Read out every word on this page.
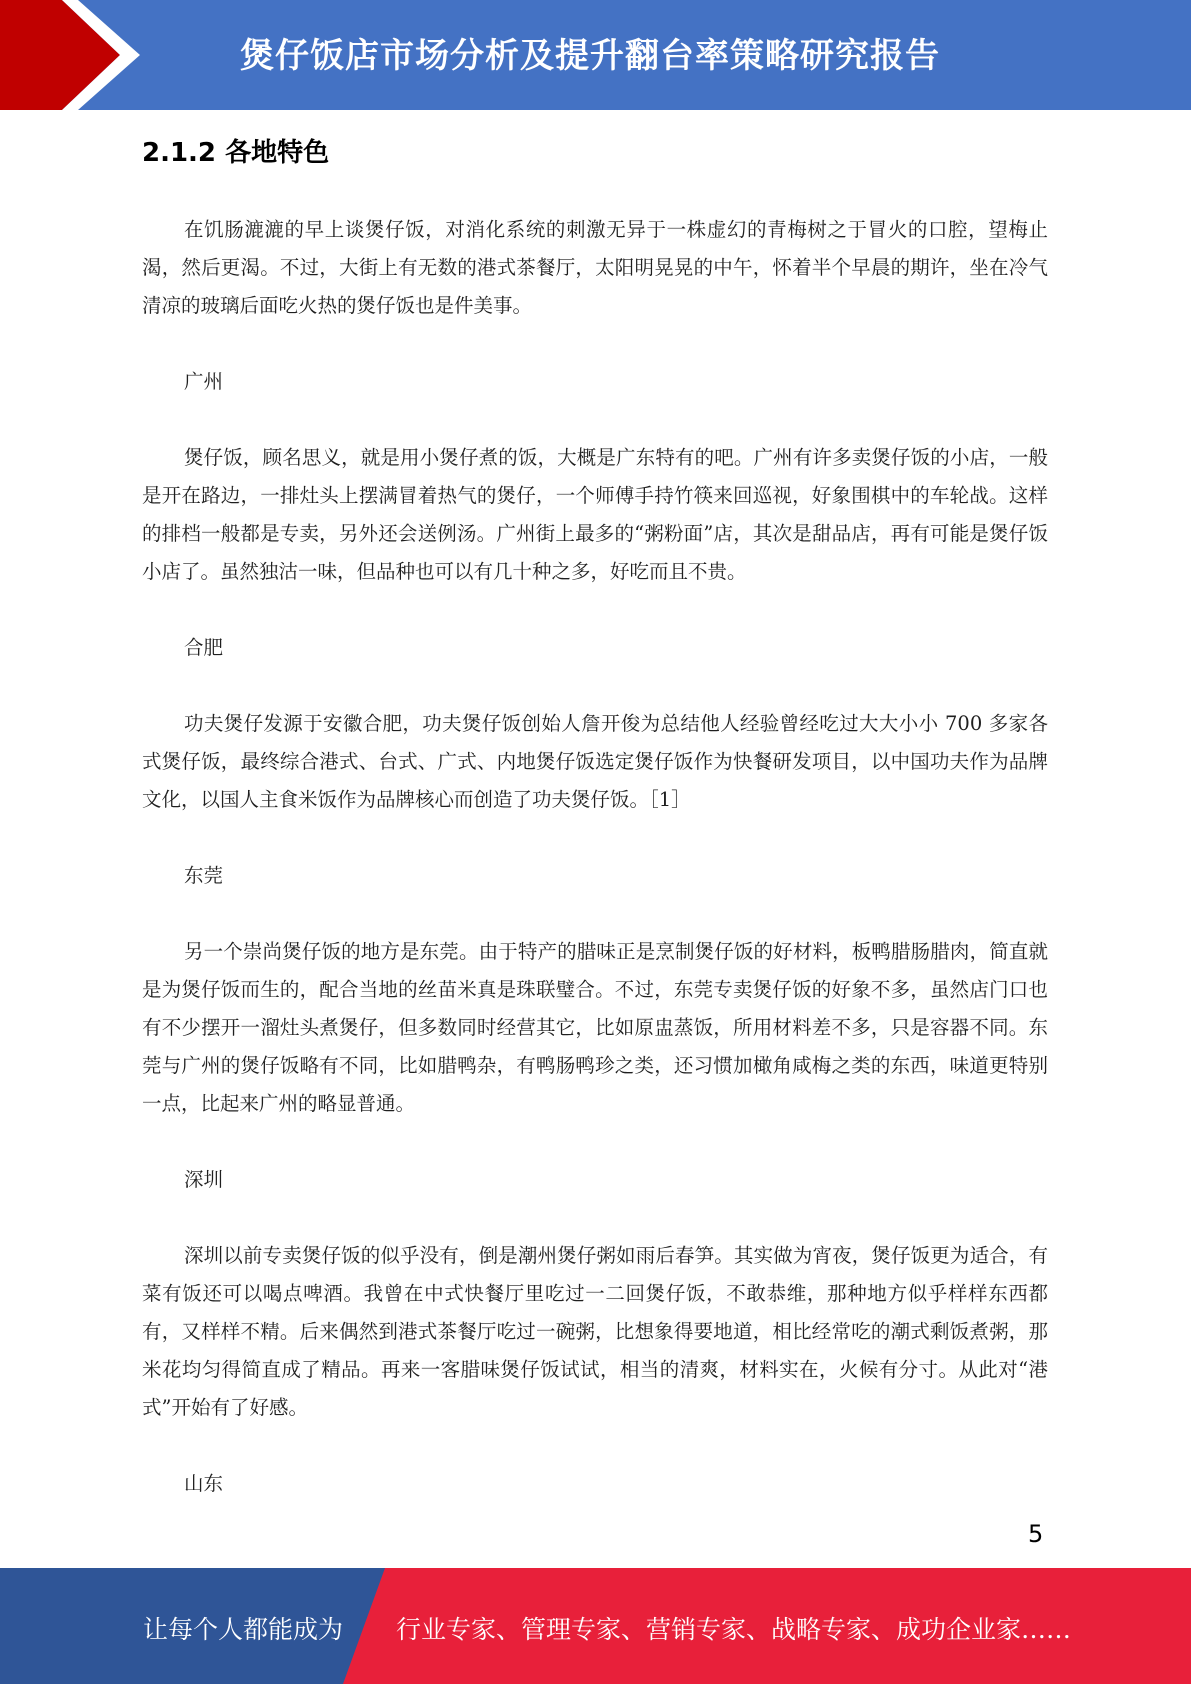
煲仔饭店市场分析及提升翻台率策略研究报告
2.1.2 各地特色

在饥肠漉漉的早上谈煲仔饭，对消化系统的刺激无异于一株虚幻的青梅树之于冒火的口腔，望梅止渴，然后更渴。不过，大街上有无数的港式茶餐厅，太阳明晃晃的中午，怀着半个早晨的期许，坐在冷气清凉的玻璃后面吃火热的煲仔饭也是件美事。

广州

煲仔饭，顾名思义，就是用小煲仔煮的饭，大概是广东特有的吧。广州有许多卖煲仔饭的小店，一般是开在路边，一排灶头上摆满冒着热气的煲仔，一个师傅手持竹筷来回巡视，好象围棋中的车轮战。这样的排档一般都是专卖，另外还会送例汤。广州街上最多的“粥粉面”店，其次是甜品店，再有可能是煲仔饭小店了。虽然独沽一味，但品种也可以有几十种之多，好吃而且不贵。

合肥

功夫煲仔发源于安徽合肥，功夫煲仔饭创始人詹开俊为总结他人经验曾经吃过大大小小 700 多家各式煲仔饭，最终综合港式、台式、广式、内地煲仔饭选定煲仔饭作为快餐研发项目，以中国功夫作为品牌文化，以国人主食米饭作为品牌核心而创造了功夫煲仔饭。［1］

东莞

另一个崇尚煲仔饭的地方是东莞。由于特产的腊味正是烹制煲仔饭的好材料，板鸭腊肠腊肉，简直就是为煲仔饭而生的，配合当地的丝苗米真是珠联璧合。不过，东莞专卖煲仔饭的好象不多，虽然店门口也有不少摆开一溜灶头煮煲仔，但多数同时经营其它，比如原盅蒸饭，所用材料差不多，只是容器不同。东莞与广州的煲仔饭略有不同，比如腊鸭杂，有鸭肠鸭珍之类，还习惯加橄角咸梅之类的东西，味道更特别一点，比起来广州的略显普通。

深圳

深圳以前专卖煲仔饭的似乎没有，倒是潮州煲仔粥如雨后春笋。其实做为宵夜，煲仔饭更为适合，有菜有饭还可以喝点啤酒。我曾在中式快餐厅里吃过一二回煲仔饭，不敢恭维，那种地方似乎样样东西都有，又样样不精。后来偶然到港式茶餐厅吃过一碗粥，比想象得要地道，相比经常吃的潮式剩饭煮粥，那米花均匀得简直成了精品。再来一客腊味煲仔饭试试，相当的清爽，材料实在，火候有分寸。从此对“港式”开始有了好感。

山东

5
让每个人都能成为 行业专家、管理专家、营销专家、战略专家、成功企业家……
